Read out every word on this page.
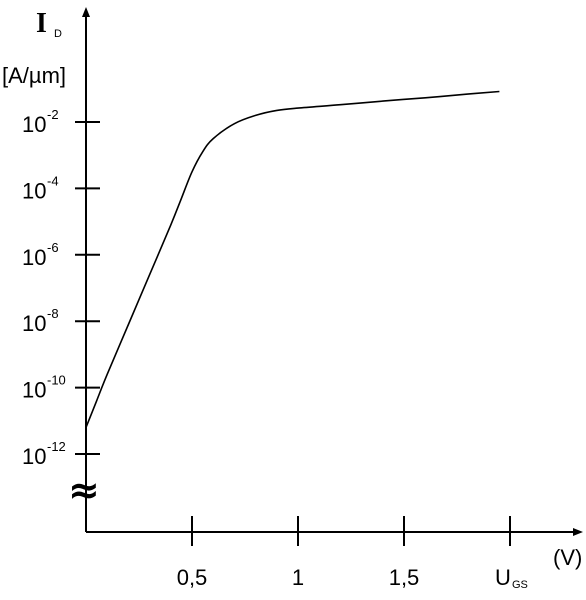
I D
[A/µm]
10 -2
10 -4
10 -6
10 -8
10 -10
10 -12
≈
0,5	1	1,5	U GS
(V)
